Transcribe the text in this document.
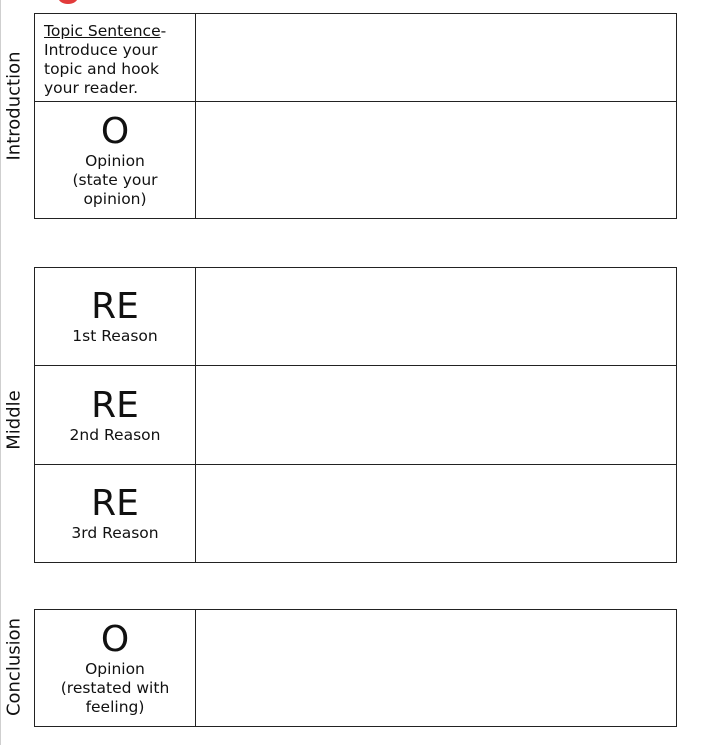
Introduction
Topic Sentence-
Introduce your
topic and hook
your reader.	

O
Opinion
(state your
opinion)	

Middle
RE
1st Reason	

RE
2nd Reason	

RE
3rd Reason	

Conclusion O
Opinion
(restated with
feeling)
